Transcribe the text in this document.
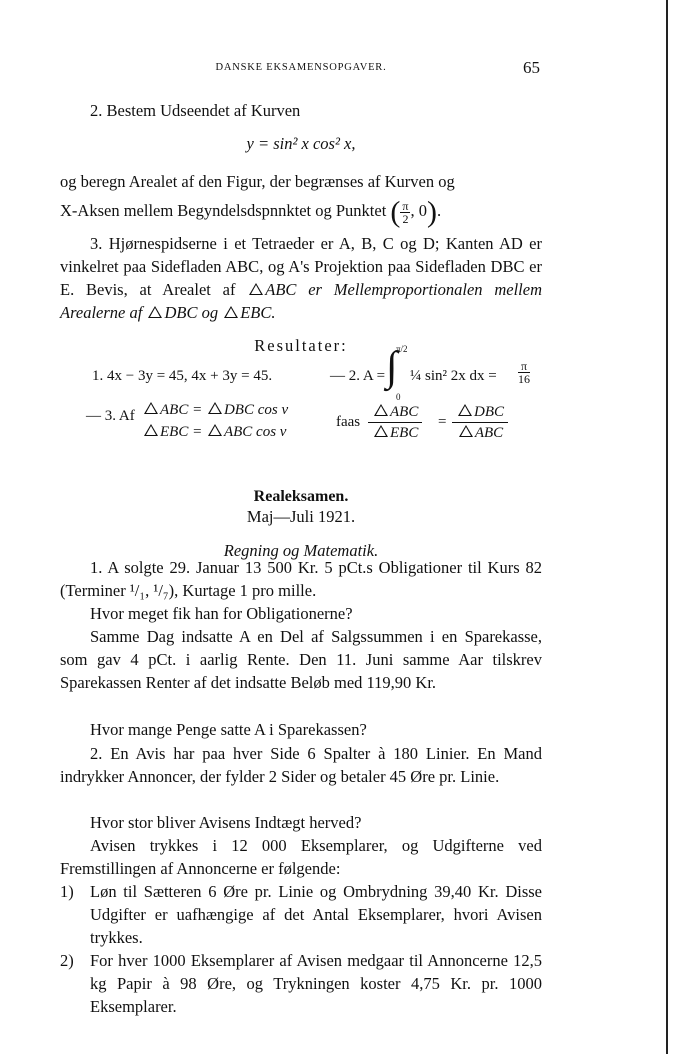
DANSKE EKSAMENSOPGAVER.	65
2. Bestem Udseendet af Kurven
y = sin² x cos² x,
og beregn Arealet af den Figur, der begrænses af Kurven og
X-Aksen mellem Begyndelsdspnnktet og Punktet ( $\frac{\pi}{2}$ , 0).
3. Hjørnespidserne i et Tetraeder er A, B, C og D; Kanten AD er vinkelret paa Sidefladen ABC, og A's Projektion paa Sidefladen DBC er E. Bevis, at Arealet af ABC er Mellemproportionalen mellem Arealerne af DBC og EBC.
Resultater:
1. 4x − 3y = 45, 4x + 3y = 45.	— 2. A =
π/2
∫
0
¼ sin² 2x dx = $\frac{\pi}{16}$
— 3. Af	ABC = DBC cos v
EBC = ABC cos v
faas
ABC
EBC
=
DBC
ABC
Realeksamen.
Maj—Juli 1921.
Regning og Matematik.
1. A solgte 29. Januar 13 500 Kr. 5 pCt.s Obligationer til Kurs 82 (Terminer ¹/₁, ¹/₇), Kurtage 1 pro mille.
Hvor meget fik han for Obligationerne?
Samme Dag indsatte A en Del af Salgssummen i en Sparekasse, som gav 4 pCt. i aarlig Rente. Den 11. Juni samme Aar tilskrev Sparekassen Renter af det indsatte Beløb med 119,90 Kr.
Hvor mange Penge satte A i Sparekassen?
2. En Avis har paa hver Side 6 Spalter à 180 Linier. En Mand indrykker Annoncer, der fylder 2 Sider og betaler 45 Øre pr. Linie.
Hvor stor bliver Avisens Indtægt herved?
Avisen trykkes i 12 000 Eksemplarer, og Udgifterne ved Fremstillingen af Annoncerne er følgende:
1) Løn til Sætteren 6 Øre pr. Linie og Ombrydning 39,40 Kr. Disse Udgifter er uafhængige af det Antal Eksemplarer, hvori Avisen trykkes.
2) For hver 1000 Eksemplarer af Avisen medgaar til Annoncerne 12,5 kg Papir à 98 Øre, og Trykningen koster 4,75 Kr. pr. 1000 Eksemplarer.
